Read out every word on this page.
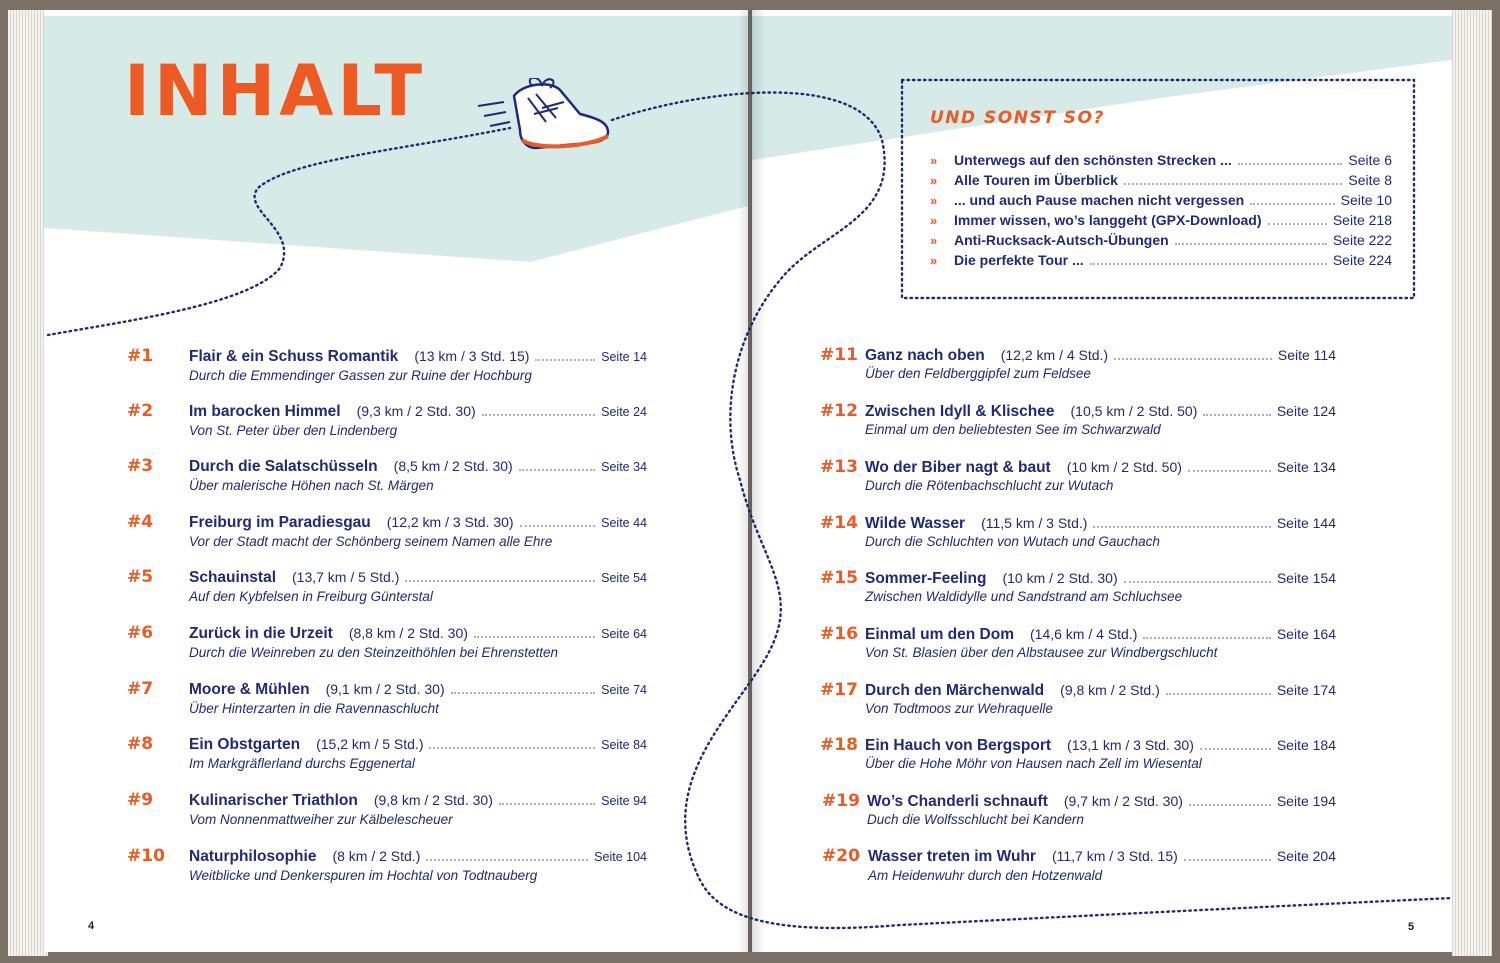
INHALT	UND SONST SO?
»	Unterwegs auf den schönsten Strecken ...	Seite 6
»	Alle Touren im Überblick	Seite 8
»	... und auch Pause machen nicht vergessen	Seite 10
»	Immer wissen, wo’s langgeht (GPX-Download)	Seite 218
»	Anti-Rucksack-Autsch-Übungen	Seite 222
»	Die perfekte Tour ...	Seite 224
#1 Flair & ein Schuss Romantik (13 km / 3 Std. 15)	Seite 14
Durch die Emmendinger Gassen zur Ruine der Hochburg
#2 Im barocken Himmel (9,3 km / 2 Std. 30)	Seite 24
Von St. Peter über den Lindenberg
#3 Durch die Salatschüsseln (8,5 km / 2 Std. 30)	Seite 34
Über malerische Höhen nach St. Märgen
#4 Freiburg im Paradiesgau (12,2 km / 3 Std. 30)	Seite 44
Vor der Stadt macht der Schönberg seinem Namen alle Ehre
#5 Schauinstal (13,7 km / 5 Std.)	Seite 54
Auf den Kybfelsen in Freiburg Günterstal
#6 Zurück in die Urzeit (8,8 km / 2 Std. 30)	Seite 64
Durch die Weinreben zu den Steinzeithöhlen bei Ehrenstetten
#7 Moore & Mühlen (9,1 km / 2 Std. 30)	Seite 74
Über Hinterzarten in die Ravennaschlucht
#8 Ein Obstgarten (15,2 km / 5 Std.)	Seite 84
Im Markgräflerland durchs Eggenertal
#9 Kulinarischer Triathlon (9,8 km / 2 Std. 30)	Seite 94
Vom Nonnenmattweiher zur Kälbelescheuer
#10 Naturphilosophie (8 km / 2 Std.)	Seite 104
Weitblicke und Denkerspuren im Hochtal von Todtnauberg
#11 Ganz nach oben (12,2 km / 4 Std.)	Seite 114
Über den Feldberggipfel zum Feldsee
#12 Zwischen Idyll & Klischee (10,5 km / 2 Std. 50)	Seite 124
Einmal um den beliebtesten See im Schwarzwald
#13 Wo der Biber nagt & baut (10 km / 2 Std. 50)	Seite 134
Durch die Rötenbachschlucht zur Wutach
#14 Wilde Wasser (11,5 km / 3 Std.)	Seite 144
Durch die Schluchten von Wutach und Gauchach
#15 Sommer-Feeling (10 km / 2 Std. 30)	Seite 154
Zwischen Waldidylle und Sandstrand am Schluchsee
#16 Einmal um den Dom (14,6 km / 4 Std.)	Seite 164
Von St. Blasien über den Albstausee zur Windbergschlucht
#17 Durch den Märchenwald (9,8 km / 2 Std.)	Seite 174
Von Todtmoos zur Wehraquelle
#18 Ein Hauch von Bergsport (13,1 km / 3 Std. 30)	Seite 184
Über die Hohe Möhr von Hausen nach Zell im Wiesental
#19 Wo’s Chanderli schnauft (9,7 km / 2 Std. 30)	Seite 194
Duch die Wolfsschlucht bei Kandern
#20 Wasser treten im Wuhr (11,7 km / 3 Std. 15)	Seite 204
Am Heidenwuhr durch den Hotzenwald
4	5
